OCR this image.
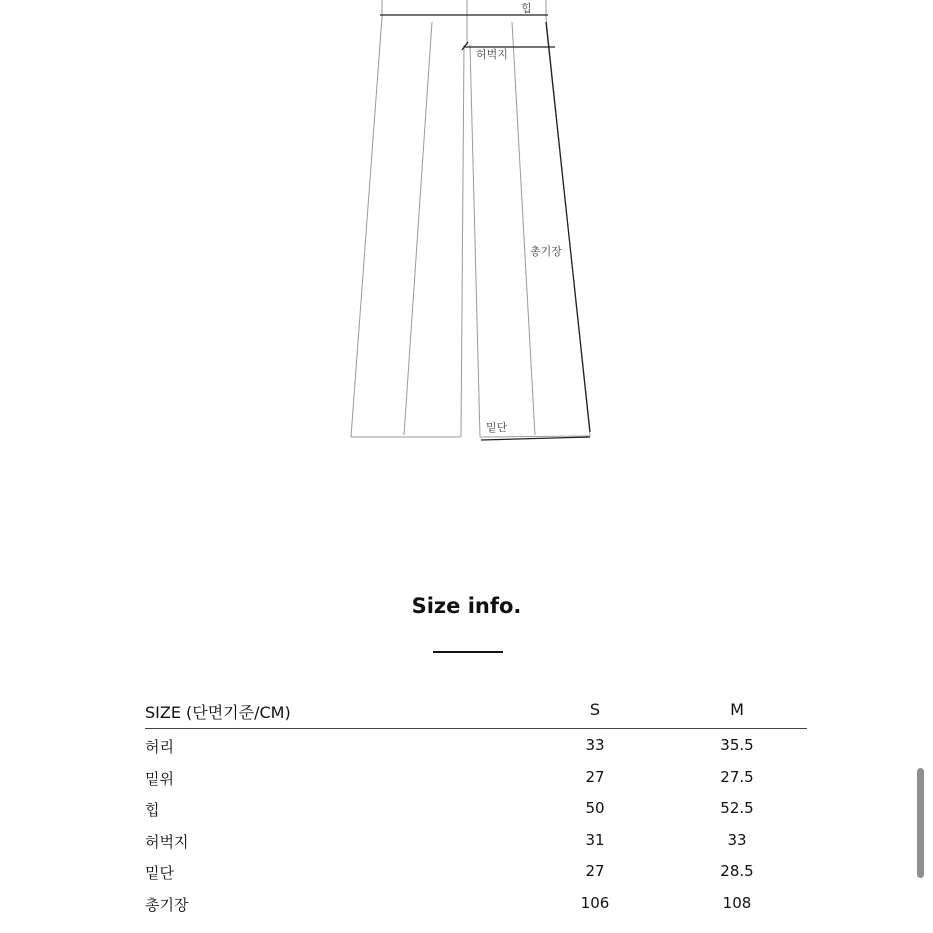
힙
허벅지
총기장
밑단
Size info.
SIZE (단면기준/CM)	S	M
허리	33	35.5
밑위	27	27.5
힙	50	52.5
허벅지	31	33
밑단	27	28.5
총기장	106	108
